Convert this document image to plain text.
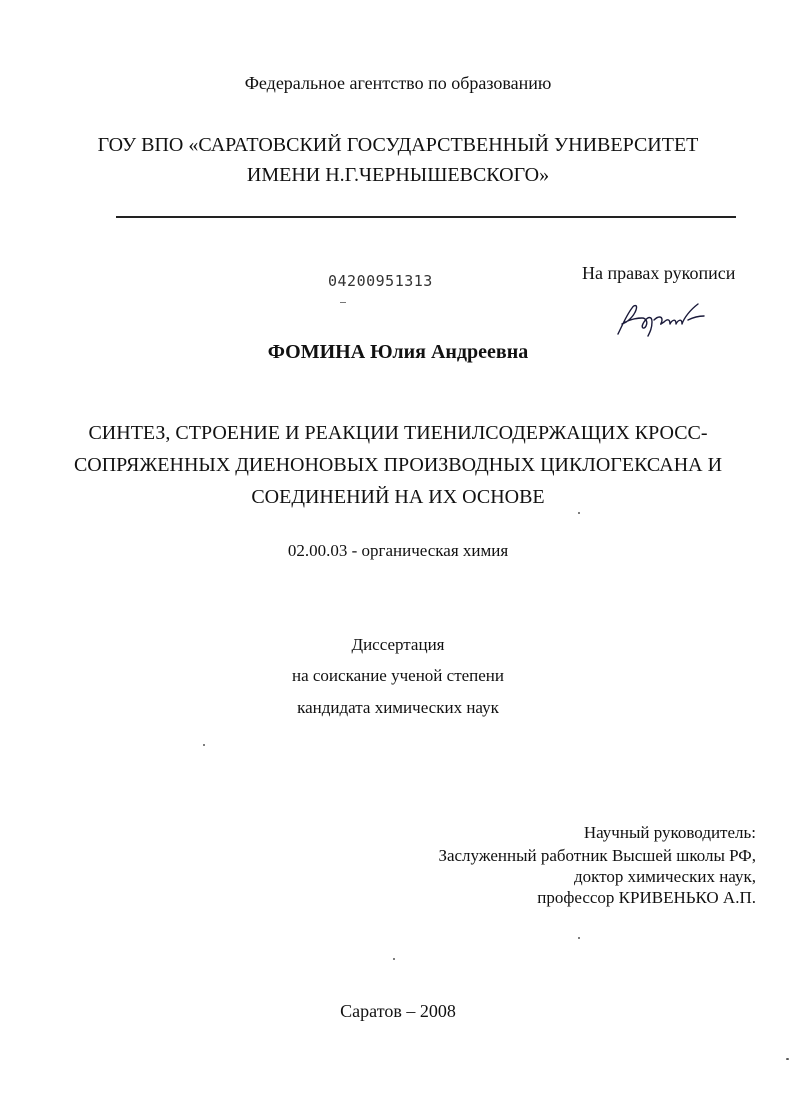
Федеральное агентство по образованию
ГОУ ВПО «САРАТОВСКИЙ ГОСУДАРСТВЕННЫЙ УНИВЕРСИТЕТ
ИМЕНИ Н.Г.ЧЕРНЫШЕВСКОГО»
04200951313	На правах рукописи
ФОМИНА Юлия Андреевна
СИНТЕЗ, СТРОЕНИЕ И РЕАКЦИИ ТИЕНИЛСОДЕРЖАЩИХ КРОСС-
СОПРЯЖЕННЫХ ДИЕНОНОВЫХ ПРОИЗВОДНЫХ ЦИКЛОГЕКСАНА И
СОЕДИНЕНИЙ НА ИХ ОСНОВЕ
02.00.03 - органическая химия
Диссертация
на соискание ученой степени
кандидата химических наук
Научный руководитель:
Заслуженный работник Высшей школы РФ,
доктор химических наук,
профессор КРИВЕНЬКО А.П.
Саратов – 2008
